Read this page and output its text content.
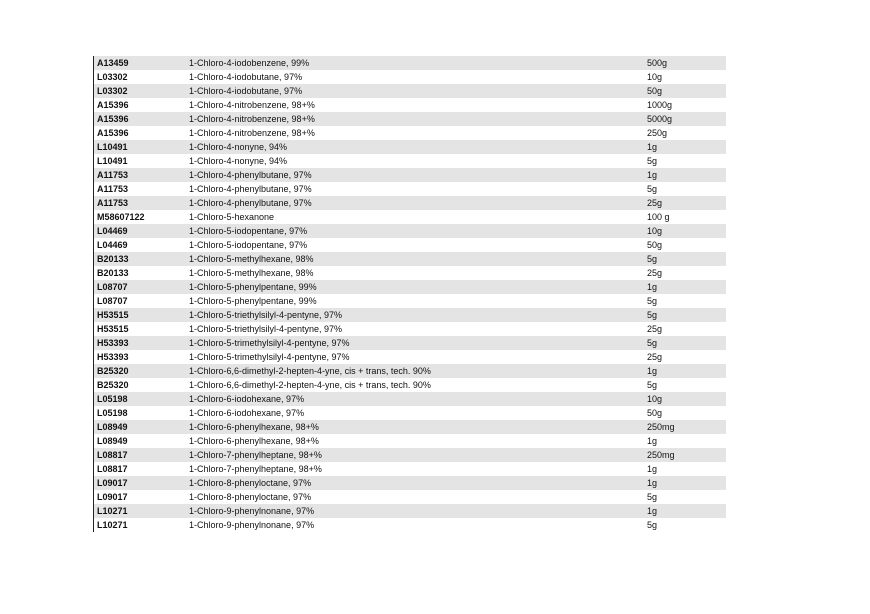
A13459	1-Chloro-4-iodobenzene, 99%	500g
L03302	1-Chloro-4-iodobutane, 97%	10g
L03302	1-Chloro-4-iodobutane, 97%	50g
A15396	1-Chloro-4-nitrobenzene, 98+%	1000g
A15396	1-Chloro-4-nitrobenzene, 98+%	5000g
A15396	1-Chloro-4-nitrobenzene, 98+%	250g
L10491	1-Chloro-4-nonyne, 94%	1g
L10491	1-Chloro-4-nonyne, 94%	5g
A11753	1-Chloro-4-phenylbutane, 97%	1g
A11753	1-Chloro-4-phenylbutane, 97%	5g
A11753	1-Chloro-4-phenylbutane, 97%	25g
M58607122	1-Chloro-5-hexanone	100 g
L04469	1-Chloro-5-iodopentane, 97%	10g
L04469	1-Chloro-5-iodopentane, 97%	50g
B20133	1-Chloro-5-methylhexane, 98%	5g
B20133	1-Chloro-5-methylhexane, 98%	25g
L08707	1-Chloro-5-phenylpentane, 99%	1g
L08707	1-Chloro-5-phenylpentane, 99%	5g
H53515	1-Chloro-5-triethylsilyl-4-pentyne, 97%	5g
H53515	1-Chloro-5-triethylsilyl-4-pentyne, 97%	25g
H53393	1-Chloro-5-trimethylsilyl-4-pentyne, 97%	5g
H53393	1-Chloro-5-trimethylsilyl-4-pentyne, 97%	25g
B25320	1-Chloro-6,6-dimethyl-2-hepten-4-yne, cis + trans, tech. 90%	1g
B25320	1-Chloro-6,6-dimethyl-2-hepten-4-yne, cis + trans, tech. 90%	5g
L05198	1-Chloro-6-iodohexane, 97%	10g
L05198	1-Chloro-6-iodohexane, 97%	50g
L08949	1-Chloro-6-phenylhexane, 98+%	250mg
L08949	1-Chloro-6-phenylhexane, 98+%	1g
L08817	1-Chloro-7-phenylheptane, 98+%	250mg
L08817	1-Chloro-7-phenylheptane, 98+%	1g
L09017	1-Chloro-8-phenyloctane, 97%	1g
L09017	1-Chloro-8-phenyloctane, 97%	5g
L10271	1-Chloro-9-phenylnonane, 97%	1g
L10271	1-Chloro-9-phenylnonane, 97%	5g
